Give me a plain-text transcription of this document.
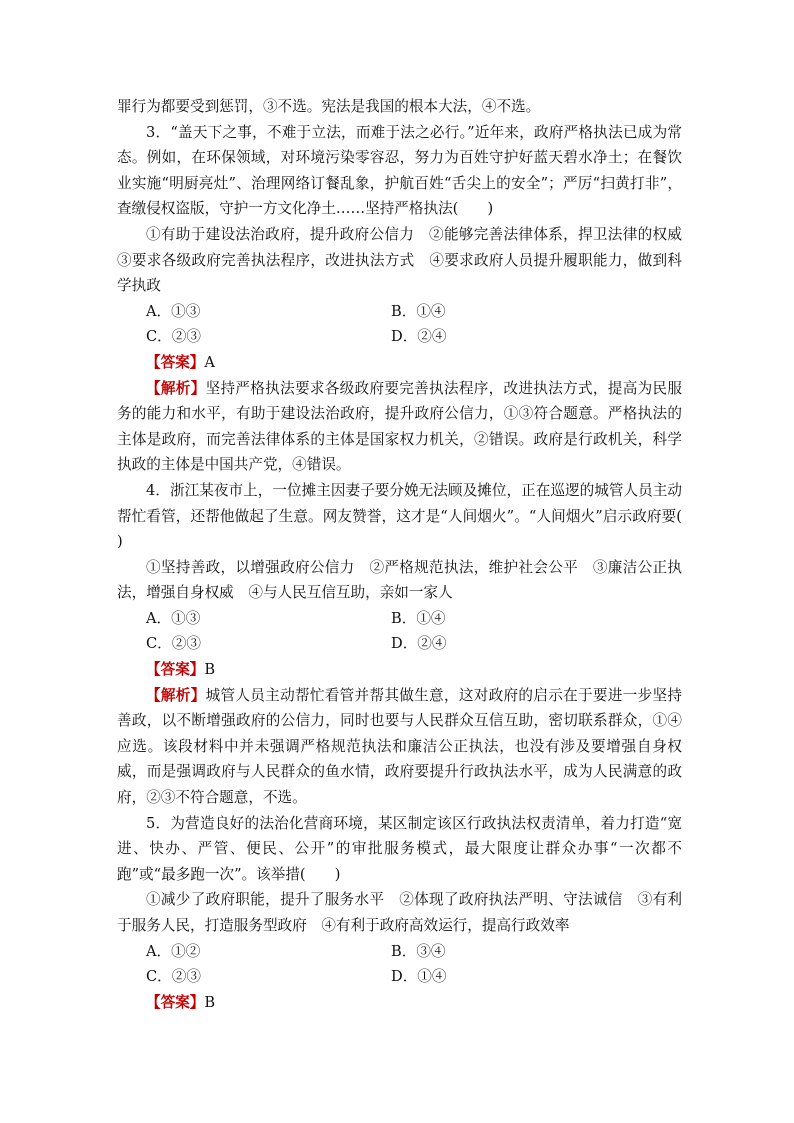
罪行为都要受到惩罚，③不选。宪法是我国的根本大法，④不选。

3．“盖天下之事，不难于立法，而难于法之必行。”近年来，政府严格执法已成为常态。例如，在环保领域，对环境污染零容忍，努力为百姓守护好蓝天碧水净土；在餐饮业实施“明厨亮灶”、治理网络订餐乱象，护航百姓“舌尖上的安全”；严厉“扫黄打非”，查缴侵权盗版，守护一方文化净土……坚持严格执法(　　)

①有助于建设法治政府，提升政府公信力　②能够完善法律体系，捍卫法律的权威　③要求各级政府完善执法程序，改进执法方式　④要求政府人员提升履职能力，做到科学执政

A．①③	B．①④
C．②③	D．②④

【答案】A

【解析】坚持严格执法要求各级政府要完善执法程序，改进执法方式，提高为民服务的能力和水平，有助于建设法治政府，提升政府公信力，①③符合题意。严格执法的主体是政府，而完善法律体系的主体是国家权力机关，②错误。政府是行政机关，科学执政的主体是中国共产党，④错误。

4．浙江某夜市上，一位摊主因妻子要分娩无法顾及摊位，正在巡逻的城管人员主动帮忙看管，还帮他做起了生意。网友赞誉，这才是“人间烟火”。“人间烟火”启示政府要(　　)

①坚持善政，以增强政府公信力　②严格规范执法，维护社会公平　③廉洁公正执法，增强自身权威　④与人民互信互助，亲如一家人

A．①③	B．①④
C．②③	D．②④

【答案】B

【解析】城管人员主动帮忙看管并帮其做生意，这对政府的启示在于要进一步坚持善政，以不断增强政府的公信力，同时也要与人民群众互信互助，密切联系群众，①④应选。该段材料中并未强调严格规范执法和廉洁公正执法，也没有涉及要增强自身权威，而是强调政府与人民群众的鱼水情，政府要提升行政执法水平，成为人民满意的政府，②③不符合题意，不选。

5．为营造良好的法治化营商环境，某区制定该区行政执法权责清单，着力打造“宽进、快办、严管、便民、公开”的审批服务模式，最大限度让群众办事“一次都不跑”或“最多跑一次”。该举措(　　)

①减少了政府职能，提升了服务水平　②体现了政府执法严明、守法诚信　③有利于服务人民，打造服务型政府　④有利于政府高效运行，提高行政效率

A．①②	B．③④
C．②③	D．①④

【答案】B
